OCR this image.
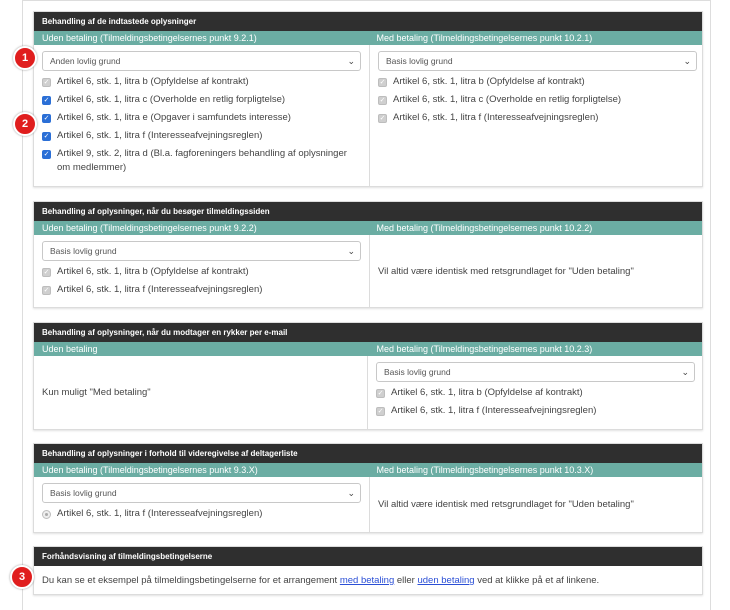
Behandling af de indtastede oplysninger
Uden betaling (Tilmeldingsbetingelsernes punkt 9.2.1)	Med betaling (Tilmeldingsbetingelsernes punkt 10.2.1)
Anden lovlig grund	⌄
✓ Artikel 6, stk. 1, litra b (Opfyldelse af kontrakt)
✓ Artikel 6, stk. 1, litra c (Overholde en retlig forpligtelse)
✓ Artikel 6, stk. 1, litra e (Opgaver i samfundets interesse)
✓ Artikel 6, stk. 1, litra f (Interesseafvejningsreglen)
✓ Artikel 9, stk. 2, litra d (Bl.a. fagforeningers behandling af oplysninger om medlemmer)
Basis lovlig grund	⌄
✓ Artikel 6, stk. 1, litra b (Opfyldelse af kontrakt)
✓ Artikel 6, stk. 1, litra c (Overholde en retlig forpligtelse)
✓ Artikel 6, stk. 1, litra f (Interesseafvejningsreglen)
Behandling af oplysninger, når du besøger tilmeldingssiden
Uden betaling (Tilmeldingsbetingelsernes punkt 9.2.2)	Med betaling (Tilmeldingsbetingelsernes punkt 10.2.2)
Basis lovlig grund	⌄
✓ Artikel 6, stk. 1, litra b (Opfyldelse af kontrakt)
✓ Artikel 6, stk. 1, litra f (Interesseafvejningsreglen)
Vil altid være identisk med retsgrundlaget for "Uden betaling"
Behandling af oplysninger, når du modtager en rykker per e-mail
Uden betaling	Med betaling (Tilmeldingsbetingelsernes punkt 10.2.3)
Kun muligt "Med betaling"
Basis lovlig grund	⌄
✓ Artikel 6, stk. 1, litra b (Opfyldelse af kontrakt)
✓ Artikel 6, stk. 1, litra f (Interesseafvejningsreglen)
Behandling af oplysninger i forhold til videregivelse af deltagerliste
Uden betaling (Tilmeldingsbetingelsernes punkt 9.3.X)	Med betaling (Tilmeldingsbetingelsernes punkt 10.3.X)
Basis lovlig grund	⌄
Artikel 6, stk. 1, litra f (Interesseafvejningsreglen)
Vil altid være identisk med retsgrundlaget for "Uden betaling"
Forhåndsvisning af tilmeldingsbetingelserne
Du kan se et eksempel på tilmeldingsbetingelserne for et arrangement med betaling eller uden betaling ved at klikke på et af linkene.
1
2
3
